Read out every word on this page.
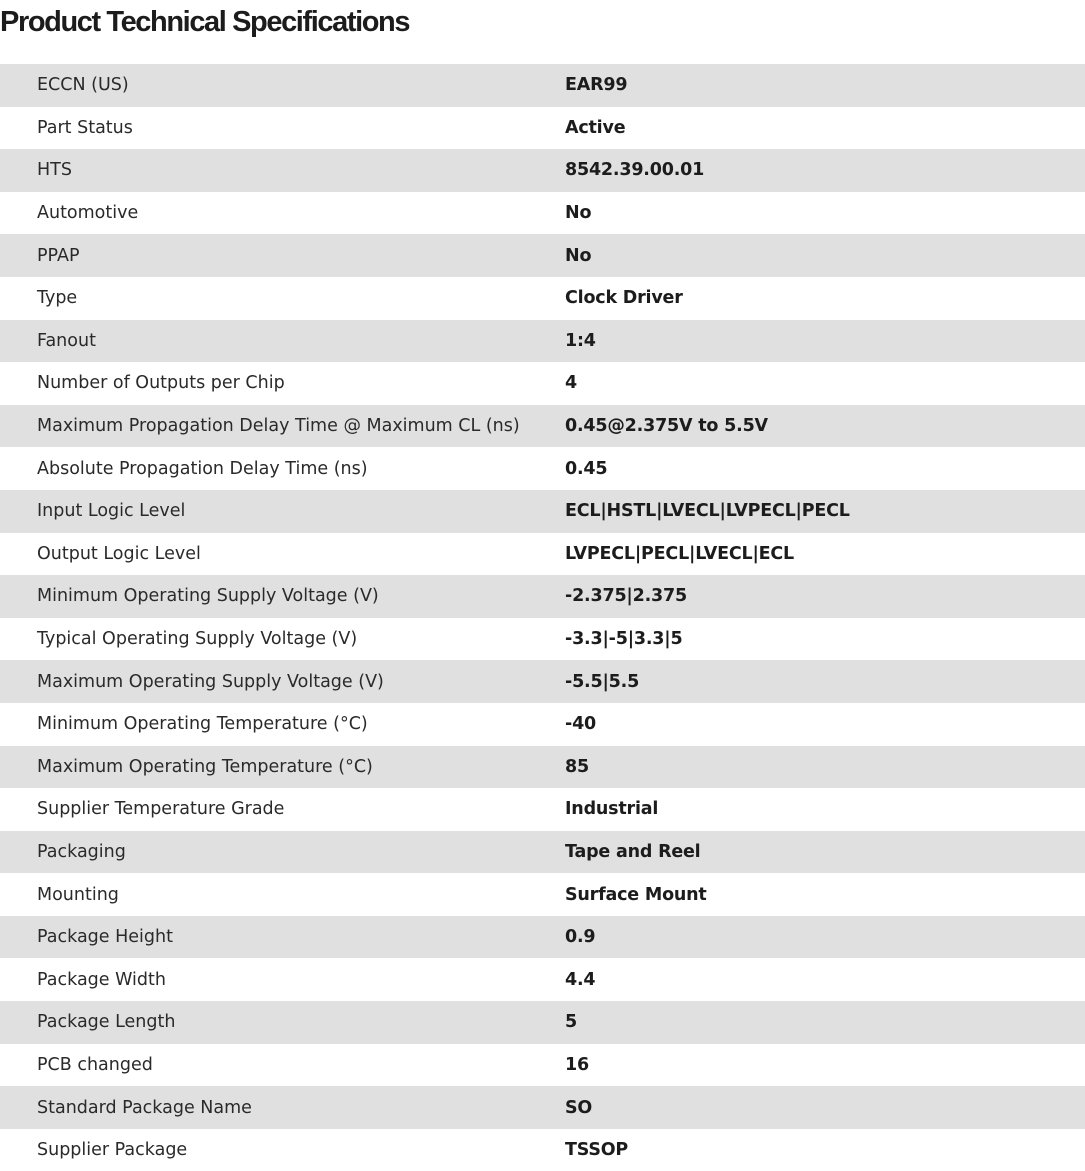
Product Technical Specifications
ECCN (US)	EAR99
Part Status	Active
HTS	8542.39.00.01
Automotive	No
PPAP	No
Type	Clock Driver
Fanout	1:4
Number of Outputs per Chip	4
Maximum Propagation Delay Time @ Maximum CL (ns)	0.45@2.375V to 5.5V
Absolute Propagation Delay Time (ns)	0.45
Input Logic Level	ECL|HSTL|LVECL|LVPECL|PECL
Output Logic Level	LVPECL|PECL|LVECL|ECL
Minimum Operating Supply Voltage (V)	-2.375|2.375
Typical Operating Supply Voltage (V)	-3.3|-5|3.3|5
Maximum Operating Supply Voltage (V)	-5.5|5.5
Minimum Operating Temperature (°C)	-40
Maximum Operating Temperature (°C)	85
Supplier Temperature Grade	Industrial
Packaging	Tape and Reel
Mounting	Surface Mount
Package Height	0.9
Package Width	4.4
Package Length	5
PCB changed	16
Standard Package Name	SO
Supplier Package	TSSOP
